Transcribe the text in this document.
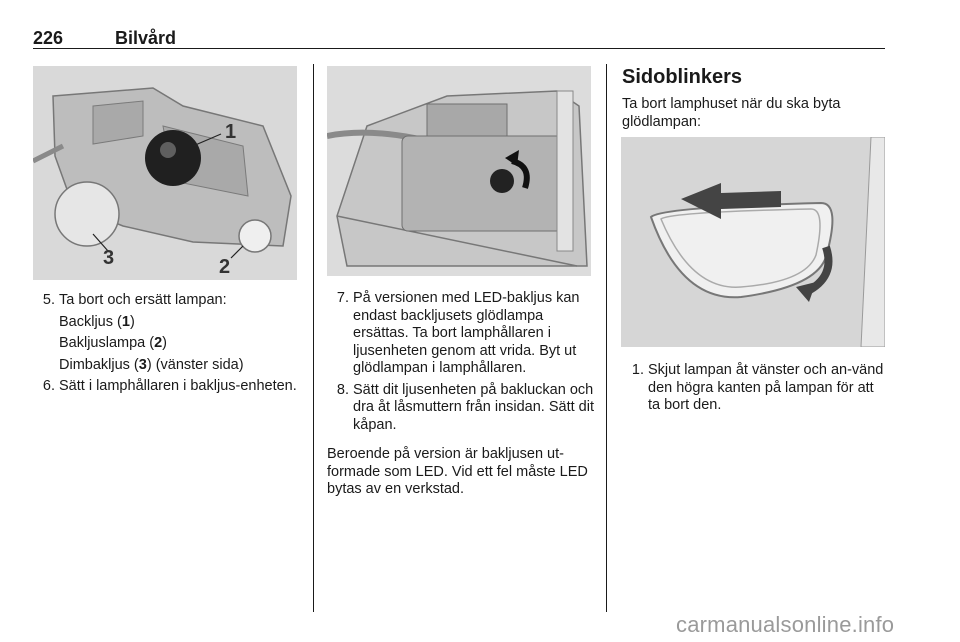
226	Bilvård
1
3	2
5. Ta bort och ersätt lampan:
Backljus (1)
Bakljuslampa (2)
Dimbakljus (3) (vänster sida)
6. Sätt i lamphållaren i bakljus-enheten.
7. På versionen med LED-bakljus kan endast backljusets glödlampa ersättas. Ta bort lamphållaren i ljusenheten genom att vrida. Byt ut glödlampan i lamphållaren.
8. Sätt dit ljusenheten på bakluckan och dra åt låsmuttern från insidan. Sätt dit kåpan.
Beroende på version är bakljusen ut-formade som LED. Vid ett fel måste LED bytas av en verkstad.
Sidoblinkers
Ta bort lamphuset när du ska byta glödlampan:
1. Skjut lampan åt vänster och an-vänd den högra kanten på lampan för att ta bort den.
carmanualsonline.info
